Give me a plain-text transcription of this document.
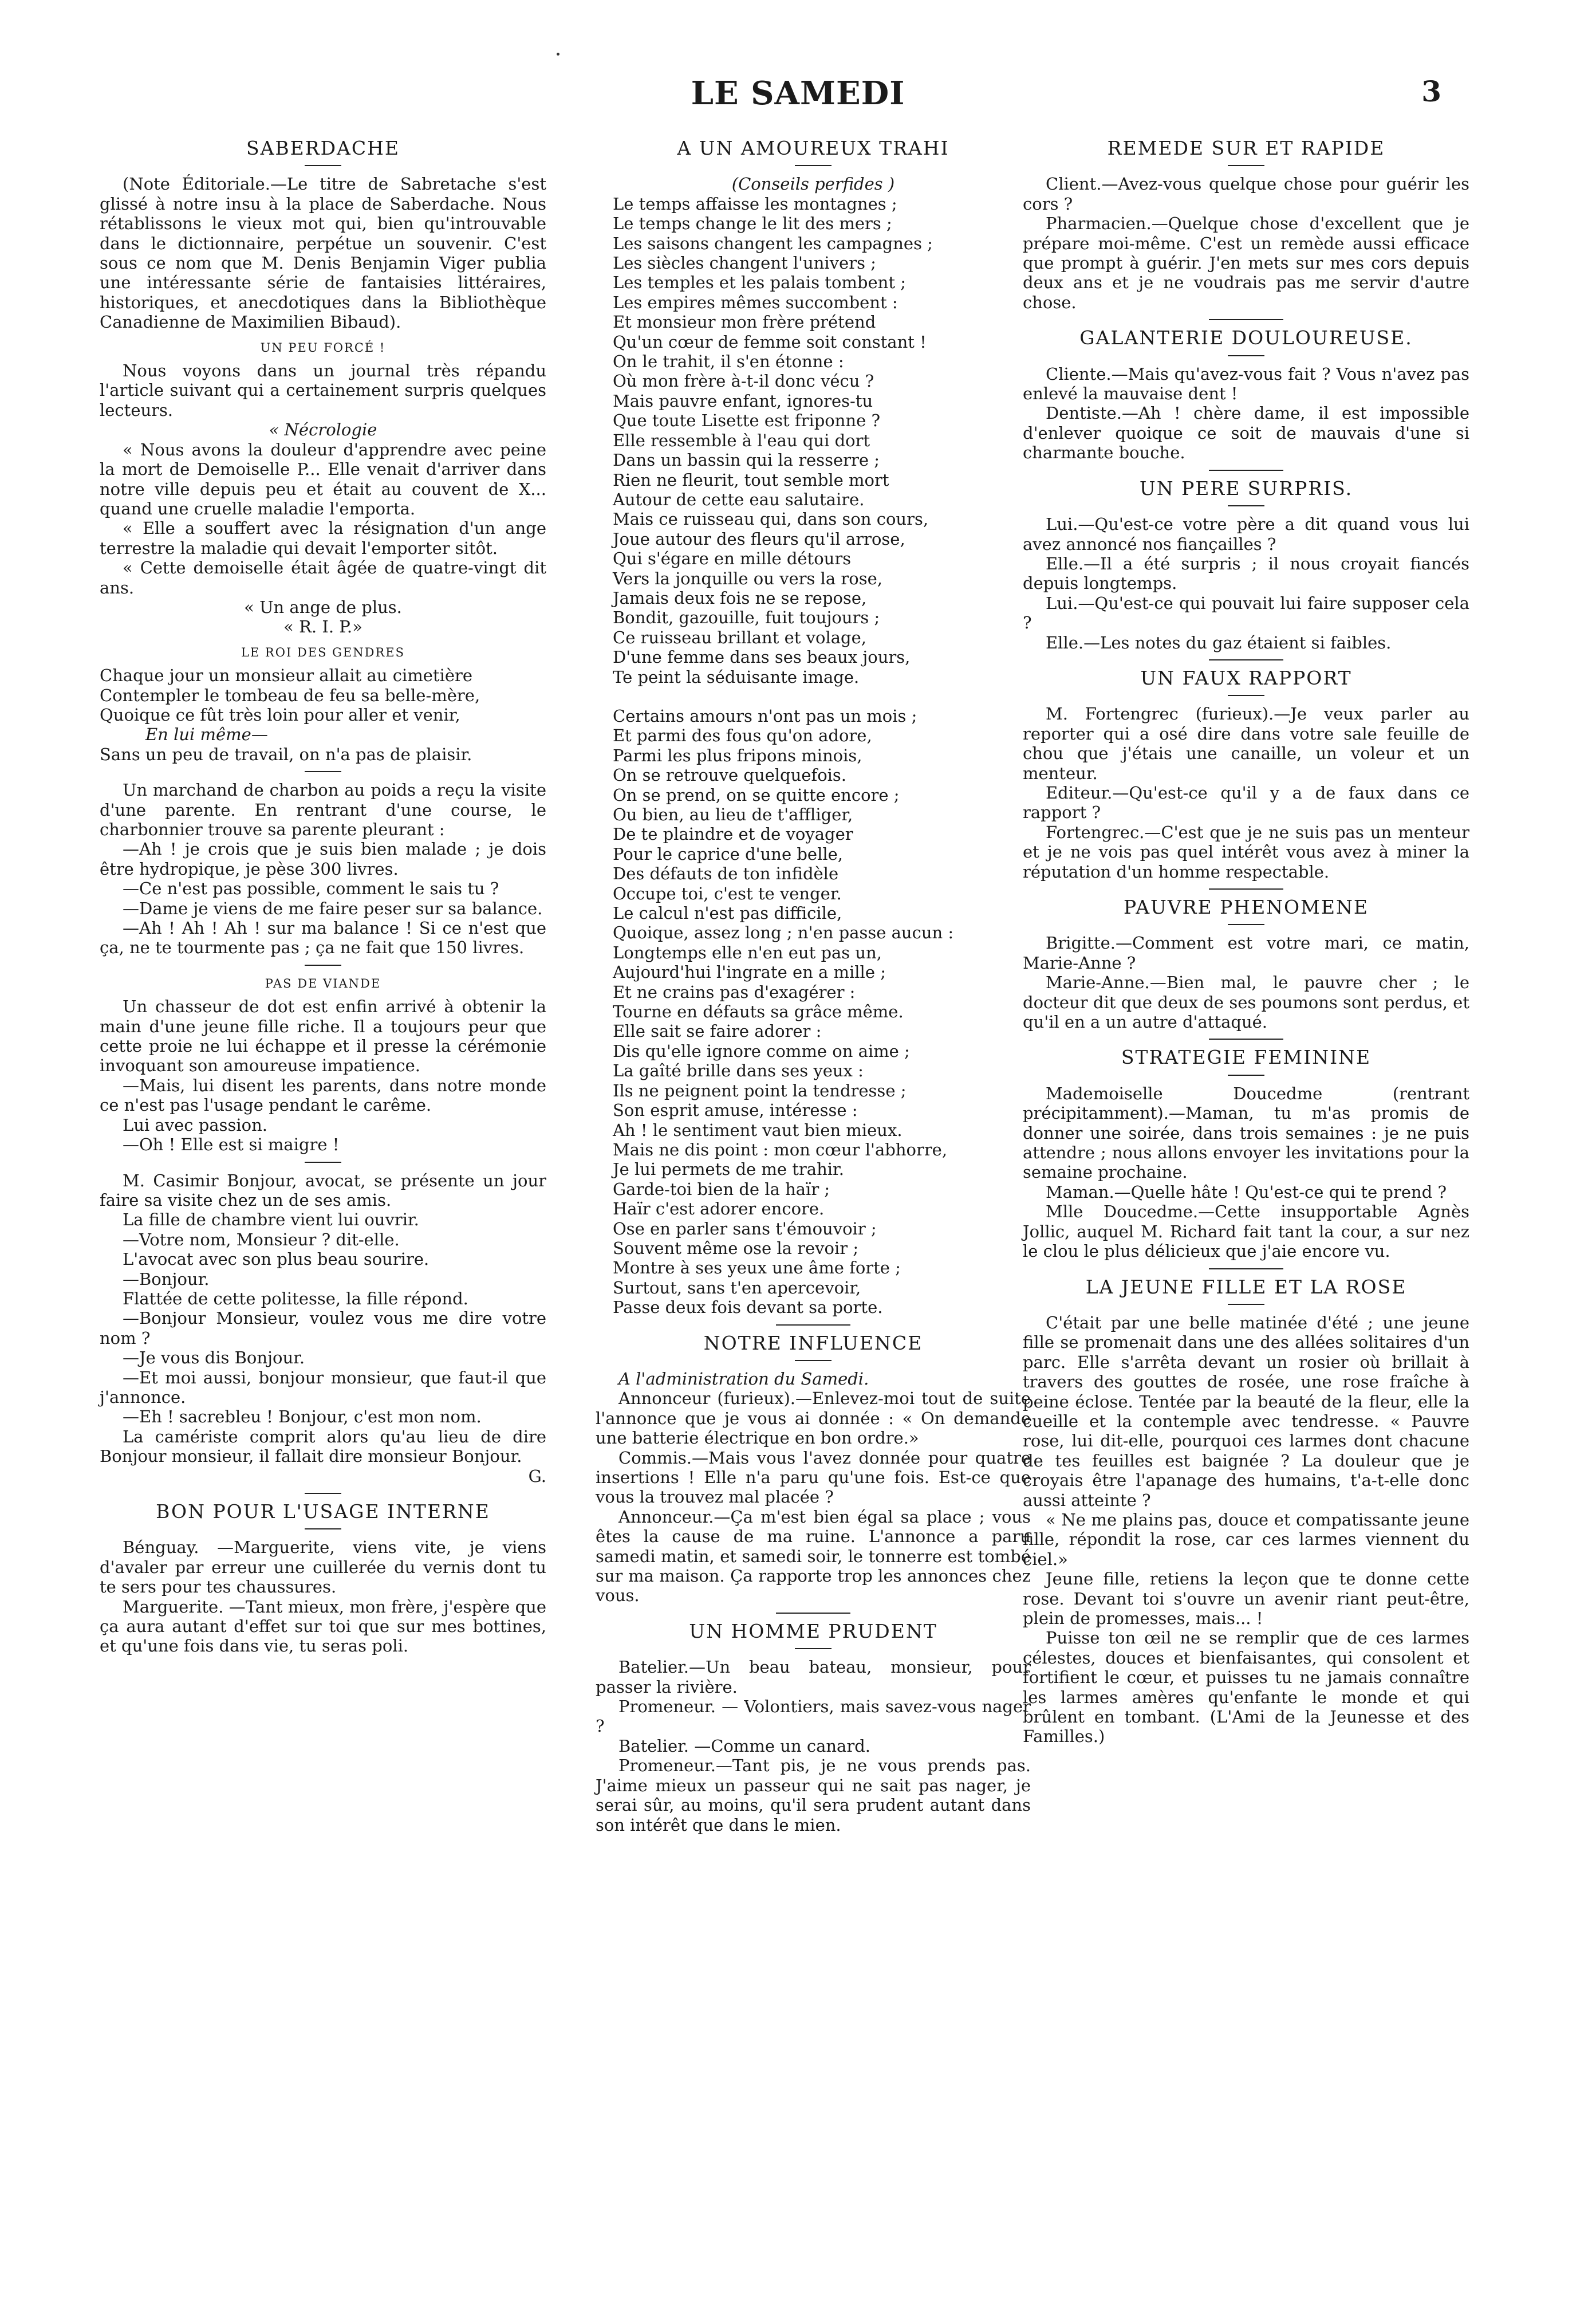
LE SAMEDI	3
SABERDACHE

(Note Éditoriale.—Le titre de Sabretache s'est glissé à notre insu à la place de Saberdache. Nous rétablissons le vieux mot qui, bien qu'introuvable dans le dictionnaire, perpétue un souvenir. C'est sous ce nom que M. Denis Benjamin Viger publia une intéressante série de fantaisies littéraires, historiques, et anecdotiques dans la Bibliothèque Canadienne de Maximilien Bibaud).

UN PEU FORCÉ !

Nous voyons dans un journal très répandu l'article suivant qui a certainement surpris quelques lecteurs.

« Nécrologie

« Nous avons la douleur d'apprendre avec peine la mort de Demoiselle P... Elle venait d'arriver dans notre ville depuis peu et était au couvent de X... quand une cruelle maladie l'emporta.

« Elle a souffert avec la résignation d'un ange terrestre la maladie qui devait l'emporter sitôt.

« Cette demoiselle était âgée de quatre-vingt dit ans.

« Un ange de plus.

« R. I. P.»

LE ROI DES GENDRES

Chaque jour un monsieur allait au cimetière

Contempler le tombeau de feu sa belle-mère,

Quoique ce fût très loin pour aller et venir,

En lui même—

Sans un peu de travail, on n'a pas de plaisir.

Un marchand de charbon au poids a reçu la visite d'une parente. En rentrant d'une course, le charbonnier trouve sa parente pleurant :

—Ah ! je crois que je suis bien malade ; je dois être hydropique, je pèse 300 livres.

—Ce n'est pas possible, comment le sais tu ?

—Dame je viens de me faire peser sur sa balance.

—Ah ! Ah ! Ah ! sur ma balance ! Si ce n'est que ça, ne te tourmente pas ; ça ne fait que 150 livres.

PAS DE VIANDE

Un chasseur de dot est enfin arrivé à obtenir la main d'une jeune fille riche. Il a toujours peur que cette proie ne lui échappe et il presse la cérémonie invoquant son amoureuse impatience.

—Mais, lui disent les parents, dans notre monde ce n'est pas l'usage pendant le carême.

Lui avec passion.

—Oh ! Elle est si maigre !

M. Casimir Bonjour, avocat, se présente un jour faire sa visite chez un de ses amis.

La fille de chambre vient lui ouvrir.

—Votre nom, Monsieur ? dit-elle.

L'avocat avec son plus beau sourire.

—Bonjour.

Flattée de cette politesse, la fille répond.

—Bonjour Monsieur, voulez vous me dire votre nom ?

—Je vous dis Bonjour.

—Et moi aussi, bonjour monsieur, que faut-il que j'annonce.

—Eh ! sacrebleu ! Bonjour, c'est mon nom.

La camériste comprit alors qu'au lieu de dire Bonjour monsieur, il fallait dire monsieur Bonjour.

G.

BON POUR L'USAGE INTERNE

Bénguay. —Marguerite, viens vite, je viens d'avaler par erreur une cuillerée du vernis dont tu te sers pour tes chaussures.

Marguerite. —Tant mieux, mon frère, j'espère que ça aura autant d'effet sur toi que sur mes bottines, et qu'une fois dans vie, tu seras poli.

A UN AMOUREUX TRAHI

(Conseils perfides )

Le temps affaisse les montagnes ;

Le temps change le lit des mers ;

Les saisons changent les campagnes ;

Les siècles changent l'univers ;

Les temples et les palais tombent ;

Les empires mêmes succombent :

Et monsieur mon frère prétend

Qu'un cœur de femme soit constant !

On le trahit, il s'en étonne :

Où mon frère à-t-il donc vécu ?

Mais pauvre enfant, ignores-tu

Que toute Lisette est friponne ?

Elle ressemble à l'eau qui dort

Dans un bassin qui la resserre ;

Rien ne fleurit, tout semble mort

Autour de cette eau salutaire.

Mais ce ruisseau qui, dans son cours,

Joue autour des fleurs qu'il arrose,

Qui s'égare en mille détours

Vers la jonquille ou vers la rose,

Jamais deux fois ne se repose,

Bondit, gazouille, fuit toujours ;

Ce ruisseau brillant et volage,

D'une femme dans ses beaux jours,

Te peint la séduisante image.

Certains amours n'ont pas un mois ;

Et parmi des fous qu'on adore,

Parmi les plus fripons minois,

On se retrouve quelquefois.

On se prend, on se quitte encore ;

Ou bien, au lieu de t'affliger,

De te plaindre et de voyager

Pour le caprice d'une belle,

Des défauts de ton infidèle

Occupe toi, c'est te venger.

Le calcul n'est pas difficile,

Quoique, assez long ; n'en passe aucun :

Longtemps elle n'en eut pas un,

Aujourd'hui l'ingrate en a mille ;

Et ne crains pas d'exagérer :

Tourne en défauts sa grâce même.

Elle sait se faire adorer :

Dis qu'elle ignore comme on aime ;

La gaîté brille dans ses yeux :

Ils ne peignent point la tendresse ;

Son esprit amuse, intéresse :

Ah ! le sentiment vaut bien mieux.

Mais ne dis point : mon cœur l'abhorre,

Je lui permets de me trahir.

Garde-toi bien de la haïr ;

Haïr c'est adorer encore.

Ose en parler sans t'émouvoir ;

Souvent même ose la revoir ;

Montre à ses yeux une âme forte ;

Surtout, sans t'en apercevoir,

Passe deux fois devant sa porte.

NOTRE INFLUENCE

A l'administration du Samedi.

Annonceur (furieux).—Enlevez-moi tout de suite l'annonce que je vous ai donnée : « On demande une batterie électrique en bon ordre.»

Commis.—Mais vous l'avez donnée pour quatre insertions ! Elle n'a paru qu'une fois. Est-ce que vous la trouvez mal placée ?

Annonceur.—Ça m'est bien égal sa place ; vous êtes la cause de ma ruine. L'annonce a paru samedi matin, et samedi soir, le tonnerre est tombé sur ma maison. Ça rapporte trop les annonces chez vous.

UN HOMME PRUDENT

Batelier.—Un beau bateau, monsieur, pour passer la rivière.

Promeneur. — Volontiers, mais savez-vous nager ?

Batelier. —Comme un canard.

Promeneur.—Tant pis, je ne vous prends pas. J'aime mieux un passeur qui ne sait pas nager, je serai sûr, au moins, qu'il sera prudent autant dans son intérêt que dans le mien.

REMEDE SUR ET RAPIDE

Client.—Avez-vous quelque chose pour guérir les cors ?

Pharmacien.—Quelque chose d'excellent que je prépare moi-même. C'est un remède aussi efficace que prompt à guérir. J'en mets sur mes cors depuis deux ans et je ne voudrais pas me servir d'autre chose.

GALANTERIE DOULOUREUSE.

Cliente.—Mais qu'avez-vous fait ? Vous n'avez pas enlevé la mauvaise dent !

Dentiste.—Ah ! chère dame, il est impossible d'enlever quoique ce soit de mauvais d'une si charmante bouche.

UN PERE SURPRIS.

Lui.—Qu'est-ce votre père a dit quand vous lui avez annoncé nos fiançailles ?

Elle.—Il a été surpris ; il nous croyait fiancés depuis longtemps.

Lui.—Qu'est-ce qui pouvait lui faire supposer cela ?

Elle.—Les notes du gaz étaient si faibles.

UN FAUX RAPPORT

M. Fortengrec (furieux).—Je veux parler au reporter qui a osé dire dans votre sale feuille de chou que j'étais une canaille, un voleur et un menteur.

Editeur.—Qu'est-ce qu'il y a de faux dans ce rapport ?

Fortengrec.—C'est que je ne suis pas un menteur et je ne vois pas quel intérêt vous avez à miner la réputation d'un homme respectable.

PAUVRE PHENOMENE

Brigitte.—Comment est votre mari, ce matin, Marie-Anne ?

Marie-Anne.—Bien mal, le pauvre cher ; le docteur dit que deux de ses poumons sont perdus, et qu'il en a un autre d'attaqué.

STRATEGIE FEMININE

Mademoiselle Doucedme (rentrant précipitamment).—Maman, tu m'as promis de donner une soirée, dans trois semaines : je ne puis attendre ; nous allons envoyer les invitations pour la semaine prochaine.

Maman.—Quelle hâte ! Qu'est-ce qui te prend ?

Mlle Doucedme.—Cette insupportable Agnès Jollic, auquel M. Richard fait tant la cour, a sur nez le clou le plus délicieux que j'aie encore vu.

LA JEUNE FILLE ET LA ROSE

C'était par une belle matinée d'été ; une jeune fille se promenait dans une des allées solitaires d'un parc. Elle s'arrêta devant un rosier où brillait à travers des gouttes de rosée, une rose fraîche à peine éclose. Tentée par la beauté de la fleur, elle la cueille et la contemple avec tendresse. « Pauvre rose, lui dit-elle, pourquoi ces larmes dont chacune de tes feuilles est baignée ? La douleur que je croyais être l'apanage des humains, t'a-t-elle donc aussi atteinte ?

« Ne me plains pas, douce et compatissante jeune fille, répondit la rose, car ces larmes viennent du ciel.»

Jeune fille, retiens la leçon que te donne cette rose. Devant toi s'ouvre un avenir riant peut-être, plein de promesses, mais... !

Puisse ton œil ne se remplir que de ces larmes célestes, douces et bienfaisantes, qui consolent et fortifient le cœur, et puisses tu ne jamais connaître les larmes amères qu'enfante le monde et qui brûlent en tombant. (L'Ami de la Jeunesse et des Familles.)
